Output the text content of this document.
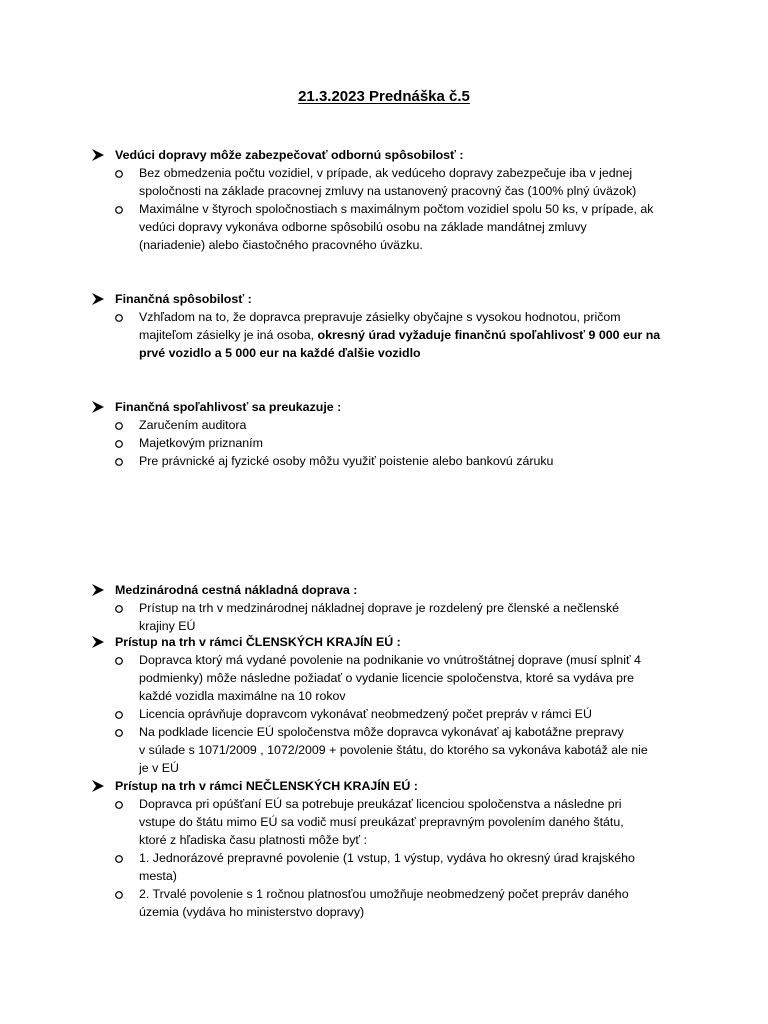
21.3.2023 Prednáška č.5
Vedúci dopravy môže zabezpečovať odbornú spôsobilosť :
Bez obmedzenia počtu vozidiel, v prípade, ak vedúceho dopravy zabezpečuje iba v jednej
spoločnosti na základe pracovnej zmluvy na ustanovený pracovný čas (100% plný úväzok)
Maximálne v štyroch spoločnostiach s maximálnym počtom vozidiel spolu 50 ks, v prípade, ak
vedúci dopravy vykonáva odborne spôsobilú osobu na základe mandátnej zmluvy
(nariadenie) alebo čiastočného pracovného úväzku.
Finančná spôsobilosť :
Vzhľadom na to, že dopravca prepravuje zásielky obyčajne s vysokou hodnotou, pričom
majiteľom zásielky je iná osoba, okresný úrad vyžaduje finančnú spoľahlivosť 9 000 eur na
prvé vozidlo a 5 000 eur na každé ďalšie vozidlo
Finančná spoľahlivosť sa preukazuje :
Zaručením auditora
Majetkovým priznaním
Pre právnické aj fyzické osoby môžu využiť poistenie alebo bankovú záruku
Medzinárodná cestná nákladná doprava :
Prístup na trh v medzinárodnej nákladnej doprave je rozdelený pre členské a nečlenské
krajiny EÚ
Prístup na trh v rámci ČLENSKÝCH KRAJÍN EÚ :
Dopravca ktorý má vydané povolenie na podnikanie vo vnútroštátnej doprave (musí splniť 4
podmienky) môže následne požiadať o vydanie licencie spoločenstva, ktoré sa vydáva pre
každé vozidla maximálne na 10 rokov
Licencia oprávňuje dopravcom vykonávať neobmedzený počet prepráv v rámci EÚ
Na podklade licencie EÚ spoločenstva môže dopravca vykonávať aj kabotážne prepravy
v súlade s 1071/2009 , 1072/2009 + povolenie štátu, do ktorého sa vykonáva kabotáž ale nie
je v EÚ
Prístup na trh v rámci NEČLENSKÝCH KRAJÍN EÚ :
Dopravca pri opúšťaní EÚ sa potrebuje preukázať licenciou spoločenstva a následne pri
vstupe do štátu mimo EÚ sa vodič musí preukázať prepravným povolením daného štátu,
ktoré z hľadiska času platnosti môže byť :
1. Jednorázové prepravné povolenie (1 vstup, 1 výstup, vydáva ho okresný úrad krajského
mesta)
2. Trvalé povolenie s 1 ročnou platnosťou umožňuje neobmedzený počet prepráv daného
územia (vydáva ho ministerstvo dopravy)
